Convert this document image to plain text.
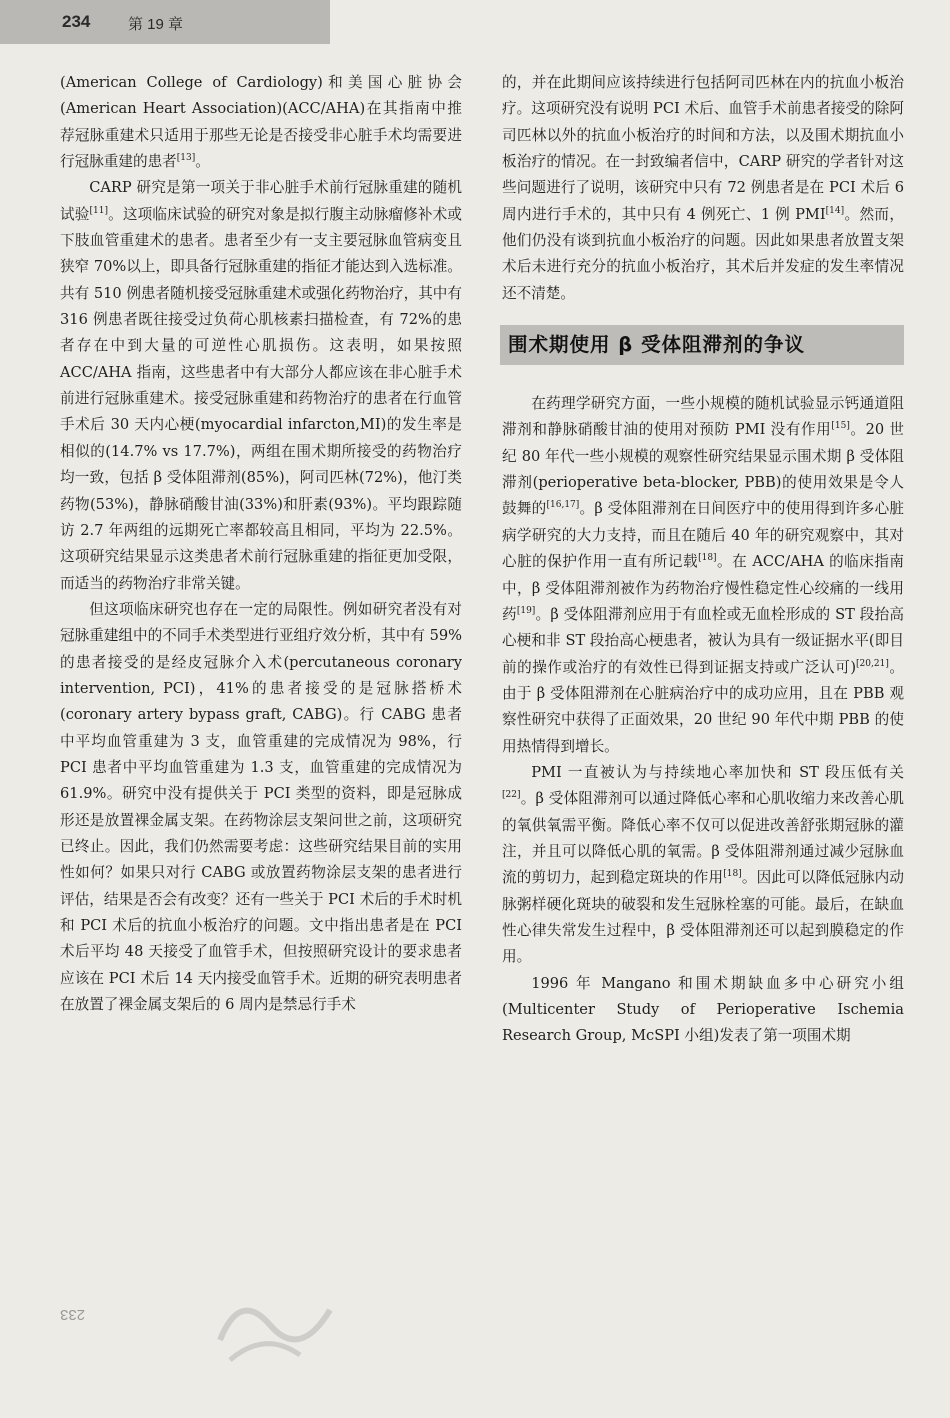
234	第 19 章

(American College of Cardiology)和美国心脏协会(American Heart Association)(ACC/AHA)在其指南中推荐冠脉重建术只适用于那些无论是否接受非心脏手术均需要进行冠脉重建的患者[13]。

CARP 研究是第一项关于非心脏手术前行冠脉重建的随机试验[11]。这项临床试验的研究对象是拟行腹主动脉瘤修补术或下肢血管重建术的患者。患者至少有一支主要冠脉血管病变且狭窄 70%以上，即具备行冠脉重建的指征才能达到入选标准。共有 510 例患者随机接受冠脉重建术或强化药物治疗，其中有 316 例患者既往接受过负荷心肌核素扫描检查，有 72%的患者存在中到大量的可逆性心肌损伤。这表明，如果按照 ACC/AHA 指南，这些患者中有大部分人都应该在非心脏手术前进行冠脉重建术。接受冠脉重建和药物治疗的患者在行血管手术后 30 天内心梗(myocardial infarcton,MI)的发生率是相似的(14.7% vs 17.7%)，两组在围术期所接受的药物治疗均一致，包括 β 受体阻滞剂(85%)，阿司匹林(72%)，他汀类药物(53%)，静脉硝酸甘油(33%)和肝素(93%)。平均跟踪随访 2.7 年两组的远期死亡率都较高且相同，平均为 22.5%。这项研究结果显示这类患者术前行冠脉重建的指征更加受限，而适当的药物治疗非常关键。

但这项临床研究也存在一定的局限性。例如研究者没有对冠脉重建组中的不同手术类型进行亚组疗效分析，其中有 59%的患者接受的是经皮冠脉介入术(percutaneous coronary intervention, PCI)，41%的患者接受的是冠脉搭桥术(coronary artery bypass graft, CABG)。行 CABG 患者中平均血管重建为 3 支，血管重建的完成情况为 98%，行 PCI 患者中平均血管重建为 1.3 支，血管重建的完成情况为 61.9%。研究中没有提供关于 PCI 类型的资料，即是冠脉成形还是放置裸金属支架。在药物涂层支架问世之前，这项研究已终止。因此，我们仍然需要考虑：这些研究结果目前的实用性如何？如果只对行 CABG 或放置药物涂层支架的患者进行评估，结果是否会有改变？还有一些关于 PCI 术后的手术时机和 PCI 术后的抗血小板治疗的问题。文中指出患者是在 PCI 术后平均 48 天接受了血管手术，但按照研究设计的要求患者应该在 PCI 术后 14 天内接受血管手术。近期的研究表明患者在放置了裸金属支架后的 6 周内是禁忌行手术

的，并在此期间应该持续进行包括阿司匹林在内的抗血小板治疗。这项研究没有说明 PCI 术后、血管手术前患者接受的除阿司匹林以外的抗血小板治疗的时间和方法，以及围术期抗血小板治疗的情况。在一封致编者信中，CARP 研究的学者针对这些问题进行了说明，该研究中只有 72 例患者是在 PCI 术后 6 周内进行手术的，其中只有 4 例死亡、1 例 PMI[14]。然而，他们仍没有谈到抗血小板治疗的问题。因此如果患者放置支架术后未进行充分的抗血小板治疗，其术后并发症的发生率情况还不清楚。

围术期使用 β 受体阻滞剂的争议

在药理学研究方面，一些小规模的随机试验显示钙通道阻滞剂和静脉硝酸甘油的使用对预防 PMI 没有作用[15]。20 世纪 80 年代一些小规模的观察性研究结果显示围术期 β 受体阻滞剂(perioperative beta-blocker, PBB)的使用效果是令人鼓舞的[16,17]。β 受体阻滞剂在日间医疗中的使用得到许多心脏病学研究的大力支持，而且在随后 40 年的研究观察中，其对心脏的保护作用一直有所记载[18]。在 ACC/AHA 的临床指南中，β 受体阻滞剂被作为药物治疗慢性稳定性心绞痛的一线用药[19]。β 受体阻滞剂应用于有血栓或无血栓形成的 ST 段抬高心梗和非 ST 段抬高心梗患者，被认为具有一级证据水平(即目前的操作或治疗的有效性已得到证据支持或广泛认可)[20,21]。由于 β 受体阻滞剂在心脏病治疗中的成功应用，且在 PBB 观察性研究中获得了正面效果，20 世纪 90 年代中期 PBB 的使用热情得到增长。

PMI 一直被认为与持续地心率加快和 ST 段压低有关[22]。β 受体阻滞剂可以通过降低心率和心肌收缩力来改善心肌的氧供氧需平衡。降低心率不仅可以促进改善舒张期冠脉的灌注，并且可以降低心肌的氧需。β 受体阻滞剂通过减少冠脉血流的剪切力，起到稳定斑块的作用[18]。因此可以降低冠脉内动脉粥样硬化斑块的破裂和发生冠脉栓塞的可能。最后，在缺血性心律失常发生过程中，β 受体阻滞剂还可以起到膜稳定的作用。

1996 年 Mangano 和围术期缺血多中心研究小组(Multicenter Study of Perioperative Ischemia Research Group, McSPI 小组)发表了第一项围术期

233
